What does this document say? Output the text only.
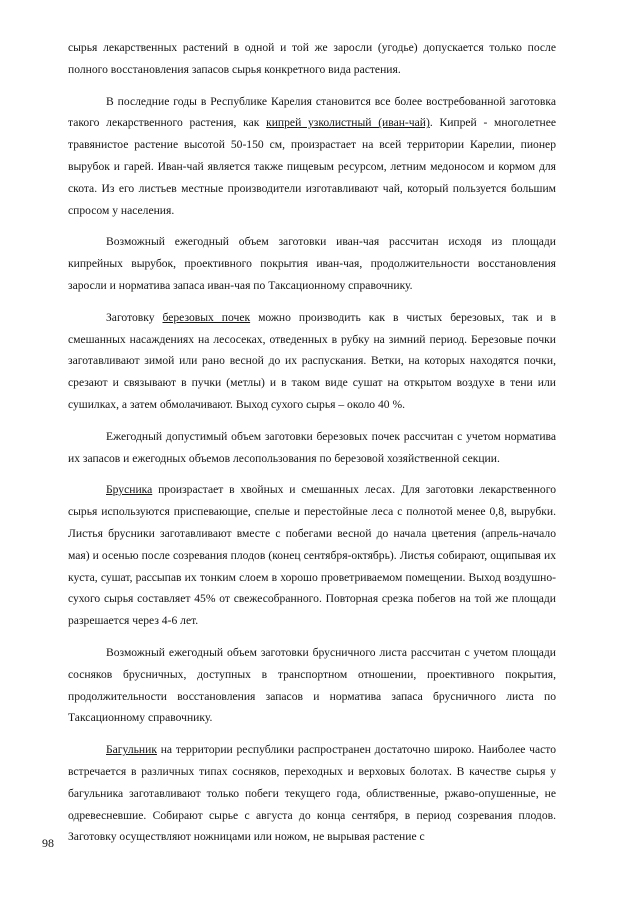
сырья лекарственных растений в одной и той же заросли (угодье) допускается только после полного восстановления запасов сырья конкретного вида растения.

В последние годы в Республике Карелия становится все более востребованной заготовка такого лекарственного растения, как кипрей узколистный (иван-чай). Кипрей - многолетнее травянистое растение высотой 50-150 см, произрастает на всей территории Карелии, пионер вырубок и гарей. Иван-чай является также пищевым ресурсом, летним медоносом и кормом для скота. Из его листьев местные производители изготавливают чай, который пользуется большим спросом у населения.

Возможный ежегодный объем заготовки иван-чая рассчитан исходя из площади кипрейных вырубок, проективного покрытия иван-чая, продолжительности восстановления заросли и норматива запаса иван-чая по Таксационному справочнику.

Заготовку березовых почек можно производить как в чистых березовых, так и в смешанных насаждениях на лесосеках, отведенных в рубку на зимний период. Березовые почки заготавливают зимой или рано весной до их распускания. Ветки, на которых находятся почки, срезают и связывают в пучки (метлы) и в таком виде сушат на открытом воздухе в тени или сушилках, а затем обмолачивают. Выход сухого сырья – около 40 %.

Ежегодный допустимый объем заготовки березовых почек рассчитан с учетом норматива их запасов и ежегодных объемов лесопользования по березовой хозяйственной секции.

Брусника произрастает в хвойных и смешанных лесах. Для заготовки лекарственного сырья используются приспевающие, спелые и перестойные леса с полнотой менее 0,8, вырубки. Листья брусники заготавливают вместе с побегами весной до начала цветения (апрель-начало мая) и осенью после созревания плодов (конец сентября-октябрь). Листья собирают, ощипывая их куста, сушат, рассыпав их тонким слоем в хорошо проветриваемом помещении. Выход воздушно-сухого сырья составляет 45% от свежесобранного. Повторная срезка побегов на той же площади разрешается через 4-6 лет.

Возможный ежегодный объем заготовки брусничного листа рассчитан с учетом площади сосняков брусничных, доступных в транспортном отношении, проективного покрытия, продолжительности восстановления запасов и норматива запаса брусничного листа по Таксационному справочнику.

Багульник на территории республики распространен достаточно широко. Наиболее часто встречается в различных типах сосняков, переходных и верховых болотах. В качестве сырья у багульника заготавливают только побеги текущего года, облиственные, ржаво-опушенные, не одревесневшие. Собирают сырье с августа до конца сентября, в период созревания плодов. Заготовку осуществляют ножницами или ножом, не вырывая растение с

98
